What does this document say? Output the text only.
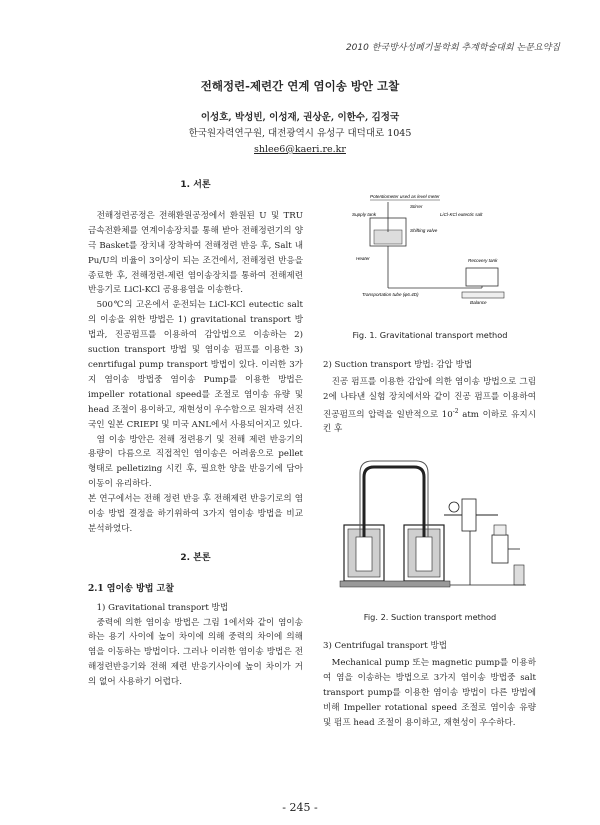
2010 한국방사성폐기물학회 추계학술대회 논문요약집
전해정련-제련간 연계 염이송 방안 고찰
이성호, 박성빈, 이성재, 권상운, 이한수, 김정국
한국원자력연구원, 대전광역시 유성구 대덕대로 1045
shlee6@kaeri.re.kr
1. 서론

전해정련공정은 전해환원공정에서 환원된 U 및 TRU 금속전환체를 연계이송장치를 통해 받아 전해정련기의 양극 Basket를 장치내 장착하여 전해정련 반응 후, Salt 내 Pu/U의 비율이 3이상이 되는 조건에서, 전해정련 반응을 종료한 후, 전해정련-제련 염이송장치를 통하여 전해제련 반응기로 LiCl-KCl 공용용염을 이송한다.

500℃의 고온에서 운전되는 LiCl-KCl eutectic salt의 이송을 위한 방법은 1) gravitational transport 방법과, 진공펌프를 이용하여 감압법으로 이송하는 2) suction transport 방법 및 염이송 펌프를 이용한 3) cenrtifugal pump transport 방법이 있다. 이러한 3가지 염이송 방법중 염이송 Pump를 이용한 방법은 impeller rotational speed를 조절로 염이송 유량 및 head 조절이 용이하고, 재현성이 우수함으로 원자력 선진국인 일본 CRIEPI 및 미국 ANL에서 사용되어지고 있다.

염 이송 방안은 전해 정련용기 및 전해 제련 반응기의 용량이 다름으로 직접적인 염이송은 어려움으로 pellet 형태로 pelletizing 시킨 후, 필요한 양을 반응기에 담아 이동이 유리하다.

본 연구에서는 전해 정련 반응 후 전해제련 반응기로의 염이송 방법 결정을 하기위하여 3가지 염이송 방법을 비교 분석하였다.

2. 본론
2.1 염이송 방법 고찰

1) Gravitational transport 방법

중력에 의한 염이송 방법은 그림 1에서와 같이 염이송하는 용기 사이에 높이 차이에 의해 중력의 차이에 의해 염을 이동하는 방법이다. 그러나 이러한 염이송 방법은 전해정련반응기와 전해 제련 반응기사이에 높이 차이가 거의 없어 사용하기 어렵다.

Potentiometer used as level meter
Stirrer
LiCl-KCl eutectic salt
Supply tank
Shifting valve
Recovery tank
Balance
Transportation tube (φ6.4D)
Heater
Fig. 1. Gravitational transport method
2) Suction transport 방법: 감압 방법

진공 펌프를 이용한 감압에 의한 염이송 방법으로 그림 2에 나타낸 실험 장치에서와 같이 진공 펌프를 이용하여 진공펌프의 압력을 일반적으로 $10^{-2}$ atm 이하로 유지시킨 후

Fig. 2. Suction transport method
3) Centrifugal transport 방법

Mechanical pump 또는 magnetic pump를 이용하여 염을 이송하는 방법으로 3가지 염이송 방법중 salt transport pump를 이용한 염이송 방법이 다른 방법에 비해 Impeller rotational speed 조절로 염이송 유량 및 펌프 head 조절이 용이하고, 재현성이 우수하다.

- 245 -
